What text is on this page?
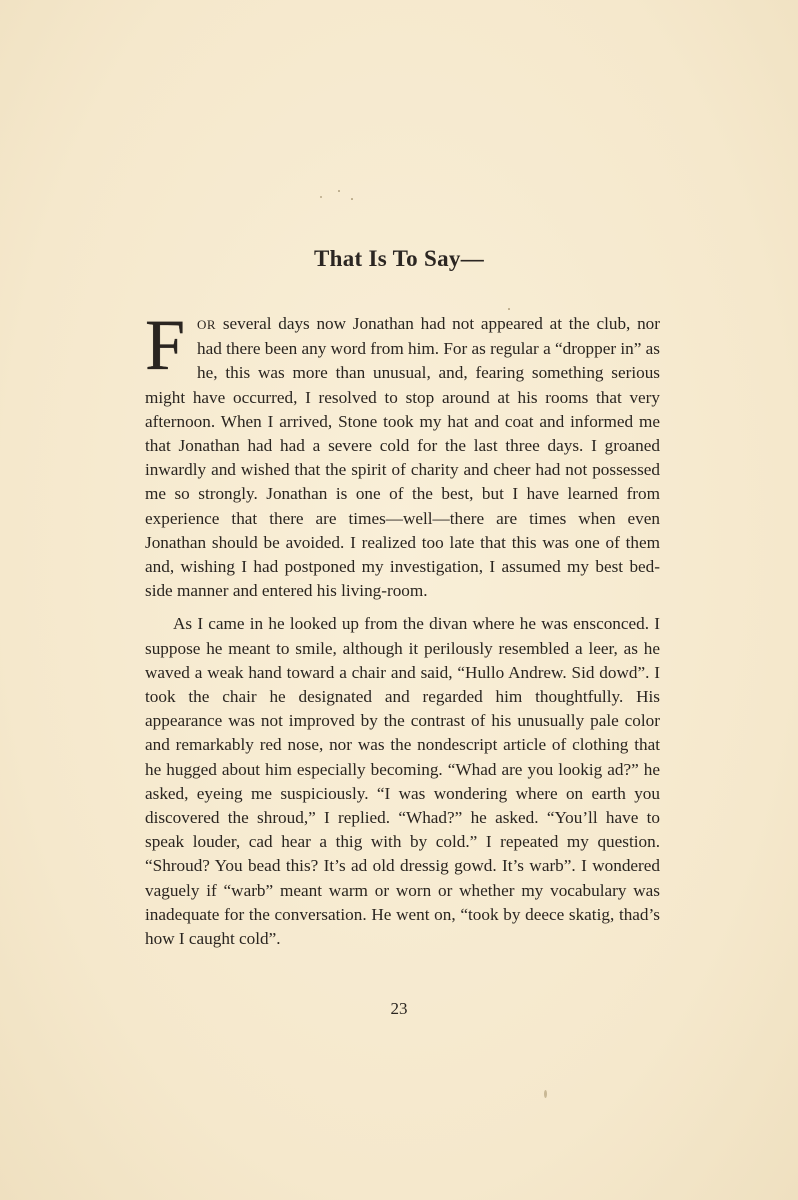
That Is To Say—

FOR several days now Jonathan had not appeared at the club, nor had there been any word from him. For as regular a “dropper in” as he, this was more than unusual, and, fearing something serious might have occurred, I resolved to stop around at his rooms that very afternoon. When I arrived, Stone took my hat and coat and informed me that Jonathan had had a severe cold for the last three days. I groaned inwardly and wished that the spirit of charity and cheer had not possessed me so strongly. Jonathan is one of the best, but I have learned from experience that there are times—well—there are times when even Jonathan should be avoided. I realized too late that this was one of them and, wishing I had postponed my investigation, I assumed my best bed-side manner and entered his living-room.

As I came in he looked up from the divan where he was ensconced. I suppose he meant to smile, although it perilously resembled a leer, as he waved a weak hand toward a chair and said, “Hullo Andrew. Sid dowd”. I took the chair he designated and regarded him thoughtfully. His appearance was not improved by the contrast of his unusually pale color and remarkably red nose, nor was the nondescript article of clothing that he hugged about him especially becoming. “Whad are you lookig ad?” he asked, eyeing me suspiciously. “I was wondering where on earth you discovered the shroud,” I replied. “Whad?” he asked. “You’ll have to speak louder, cad hear a thig with by cold.” I repeated my question. “Shroud? You bead this? It’s ad old dressig gowd. It’s warb”. I wondered vaguely if “warb” meant warm or worn or whether my vocabulary was inadequate for the conversation. He went on, “took by deece skatig, thad’s how I caught cold”.

23
